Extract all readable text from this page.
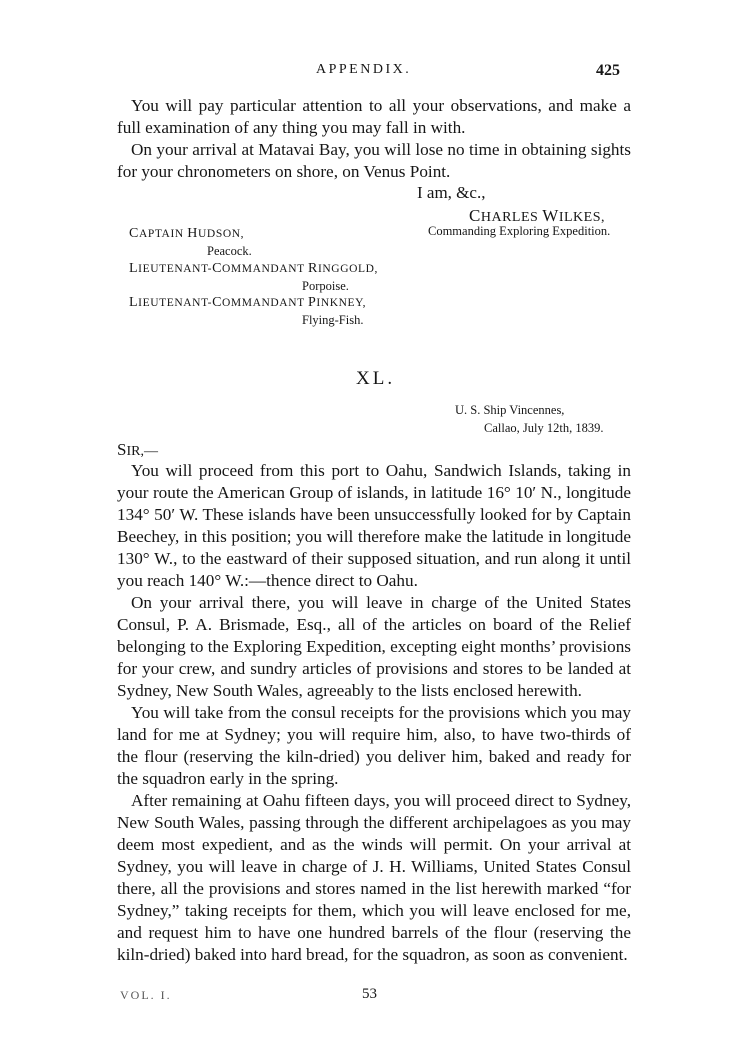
APPENDIX.	425

You will pay particular attention to all your observations, and make a full examination of any thing you may fall in with.

On your arrival at Matavai Bay, you will lose no time in obtaining sights for your chronometers on shore, on Venus Point.

I am, &c.,
CHARLES WILKES,
Commanding Exploring Expedition.
CAPTAIN HUDSON,
Peacock.
LIEUTENANT-COMMANDANT RINGGOLD,
Porpoise.
LIEUTENANT-COMMANDANT PINKNEY,
Flying-Fish.
XL.
U. S. Ship Vincennes,
Callao, July 12th, 1839.
SIR,—

You will proceed from this port to Oahu, Sandwich Islands, taking in your route the American Group of islands, in latitude 16° 10′ N., longitude 134° 50′ W. These islands have been unsuccessfully looked for by Captain Beechey, in this position; you will therefore make the latitude in longitude 130° W., to the eastward of their supposed situation, and run along it until you reach 140° W.:—thence direct to Oahu.

On your arrival there, you will leave in charge of the United States Consul, P. A. Brismade, Esq., all of the articles on board of the Relief belonging to the Exploring Expedition, excepting eight months’ provisions for your crew, and sundry articles of provisions and stores to be landed at Sydney, New South Wales, agreeably to the lists enclosed herewith.

You will take from the consul receipts for the provisions which you may land for me at Sydney; you will require him, also, to have two-thirds of the flour (reserving the kiln-dried) you deliver him, baked and ready for the squadron early in the spring.

After remaining at Oahu fifteen days, you will proceed direct to Sydney, New South Wales, passing through the different archipelagoes as you may deem most expedient, and as the winds will permit. On your arrival at Sydney, you will leave in charge of J. H. Williams, United States Consul there, all the provisions and stores named in the list herewith marked “for Sydney,” taking receipts for them, which you will leave enclosed for me, and request him to have one hundred barrels of the flour (reserving the kiln-dried) baked into hard bread, for the squadron, as soon as convenient.

VOL. I.	53
